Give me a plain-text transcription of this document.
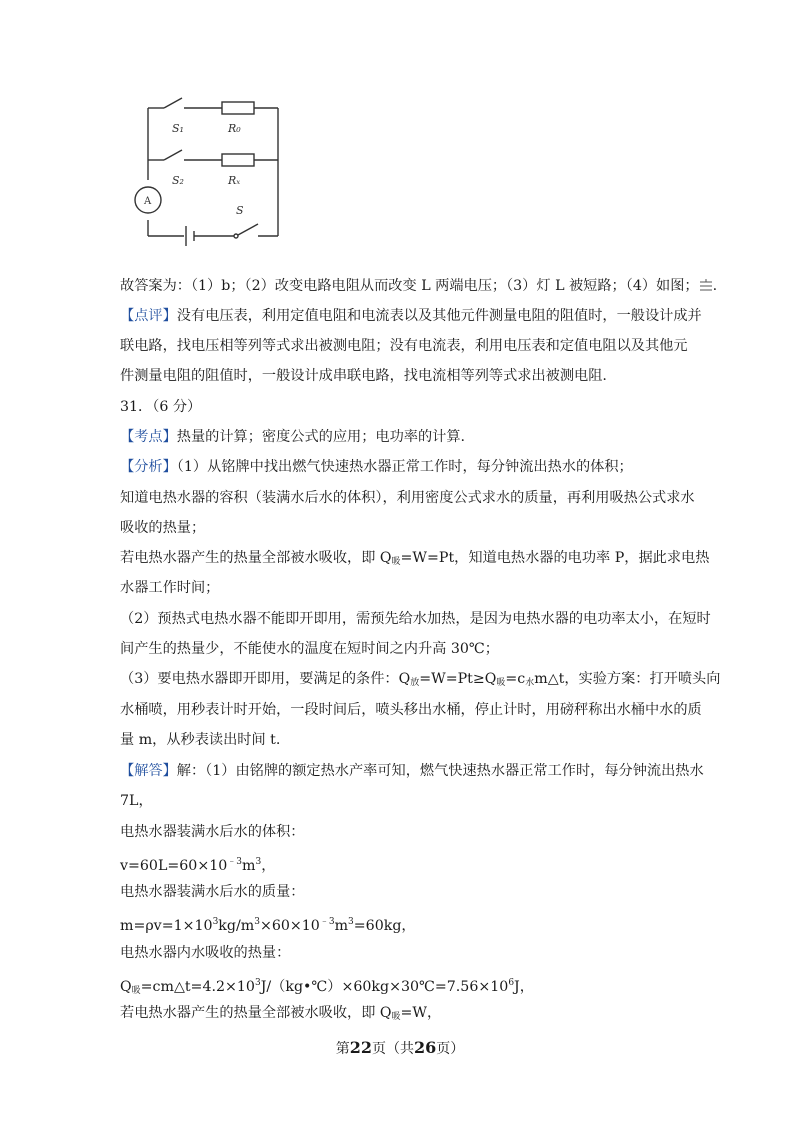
S₁	R₀
S₂	Rₓ
A
S
故答案为：（1）b；（2）改变电路电阻从而改变 L 两端电压；（3）灯 L 被短路；（4）如图； .
【点评】没有电压表，利用定值电阻和电流表以及其他元件测量电阻的阻值时，一般设计成并
联电路，找电压相等列等式求出被测电阻；没有电流表，利用电压表和定值电阻以及其他元
件测量电阻的阻值时，一般设计成串联电路，找电流相等列等式求出被测电阻.
31．（6 分）
【考点】热量的计算；密度公式的应用；电功率的计算.
【分析】（1）从铭牌中找出燃气快速热水器正常工作时，每分钟流出热水的体积；
知道电热水器的容积（装满水后水的体积），利用密度公式求水的质量，再利用吸热公式求水
吸收的热量；
若电热水器产生的热量全部被水吸收，即 $Q_吸=W=Pt$，知道电热水器的电功率 P，据此求电热
水器工作时间；
（2）预热式电热水器不能即开即用，需预先给水加热，是因为电热水器的电功率太小，在短时
间产生的热量少，不能使水的温度在短时间之内升高 30℃；
（3）要电热水器即开即用，要满足的条件：$Q_放=W=Pt\ge Q_吸=c_水m\triangle t$，实验方案：打开喷头向
水桶喷，用秒表计时开始，一段时间后，喷头移出水桶，停止计时，用磅秤称出水桶中水的质
量 m，从秒表读出时间 t.
【解答】解：（1）由铭牌的额定热水产率可知，燃气快速热水器正常工作时，每分钟流出热水
7L，
电热水器装满水后水的体积：
$v=60L=60\times 10^{﹣3}m^3$，
电热水器装满水后水的质量：
$m=\rho v=1\times 10^3kg/m^3\times 60\times 10^{﹣3}m^3=60kg$，
电热水器内水吸收的热量：
$Q_吸=cm\triangle t=4.2\times 10^3J/(kg•℃)\times 60kg\times 30℃=7.56\times 10^6J$，
若电热水器产生的热量全部被水吸收，即 $Q_吸=W$，
第22页（共26页）
